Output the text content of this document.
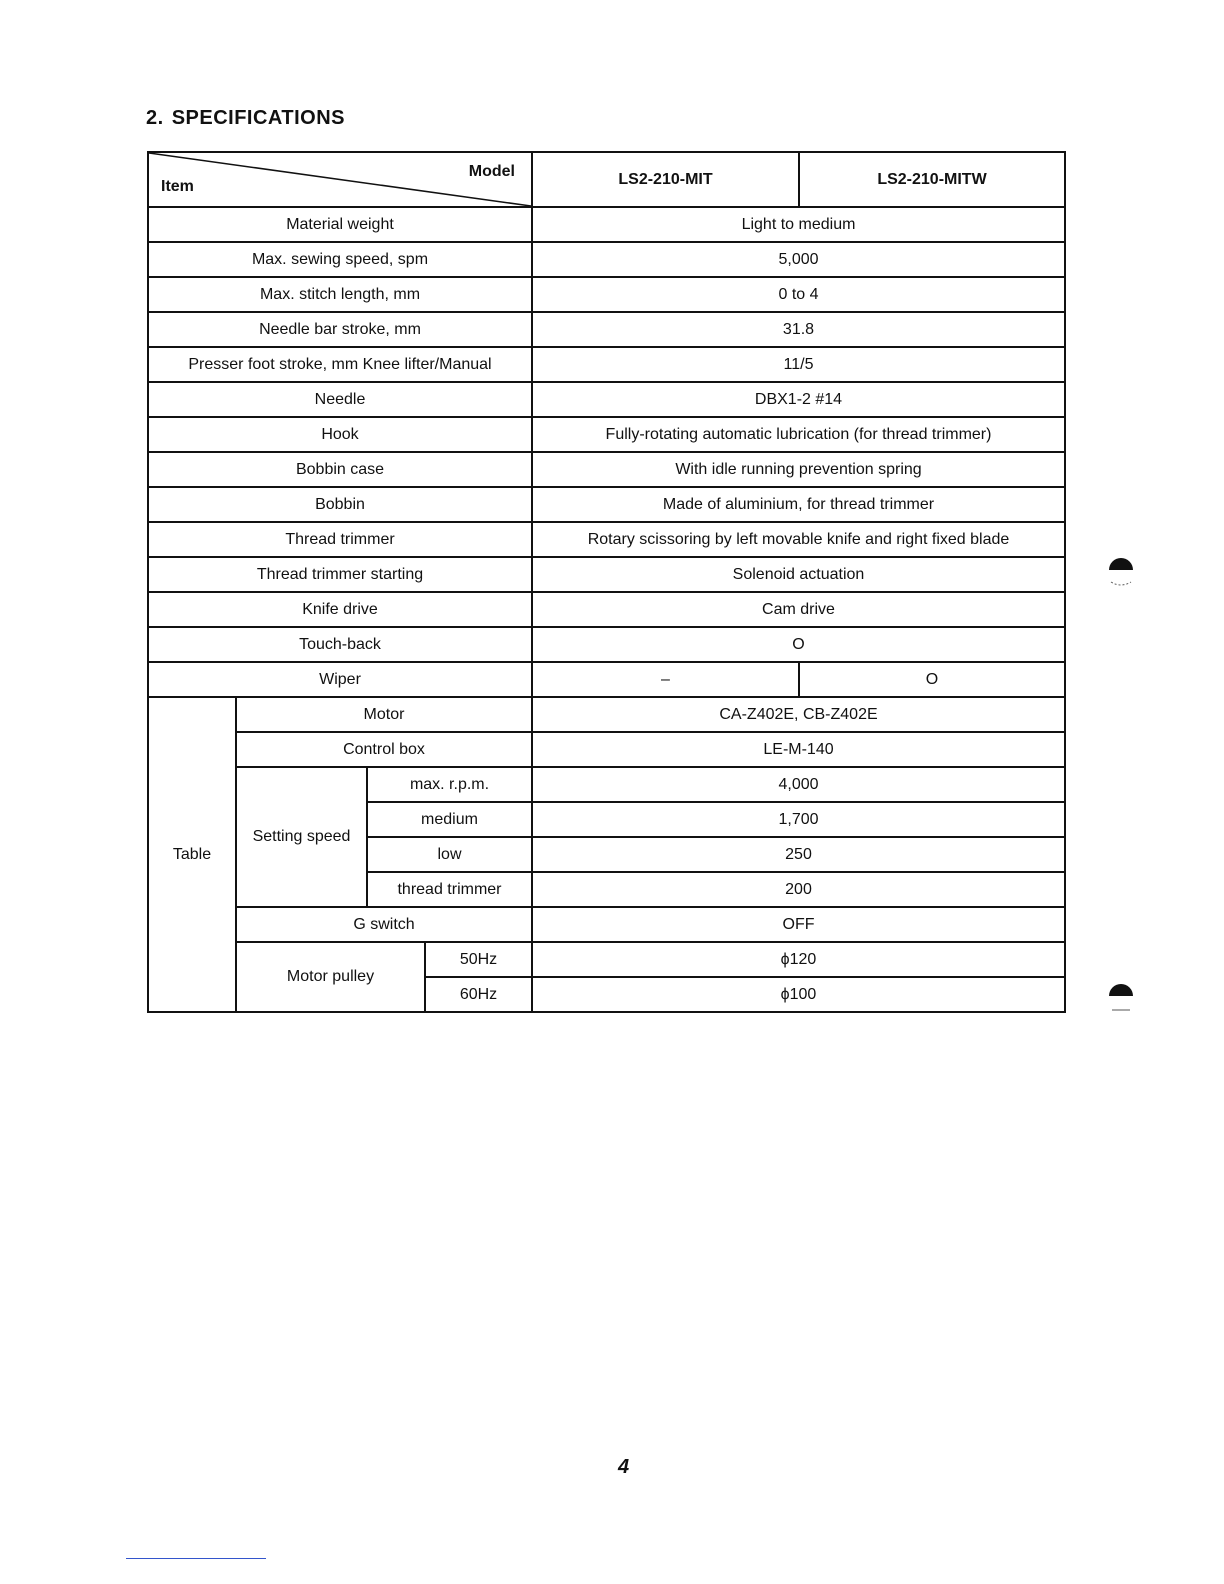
2. SPECIFICATIONS
Model
Item				LS2-210-MIT	LS2-210-MITW
Material weight				Light to medium	
Max. sewing speed, spm				5,000	
Max. stitch length, mm				0 to 4	
Needle bar stroke, mm				31.8	
Presser foot stroke, mm Knee lifter/Manual				11/5	
Needle				DBX1-2 #14	
Hook				Fully-rotating automatic lubrication (for thread trimmer)	
Bobbin case				With idle running prevention spring	
Bobbin				Made of aluminium, for thread trimmer	
Thread trimmer				Rotary scissoring by left movable knife and right fixed blade	
Thread trimmer starting				Solenoid actuation	
Knife drive				Cam drive	
Touch-back				O	
Wiper				–	O
Table	Motor			CA-Z402E, CB-Z402E	
	Control box			LE-M-140	
	Setting speed	max. r.p.m.		4,000	
		medium		1,700	
		low		250	
		thread trimmer		200	
	G switch			OFF	
	Motor pulley		50Hz	ϕ120	
			60Hz	ϕ100	
4
